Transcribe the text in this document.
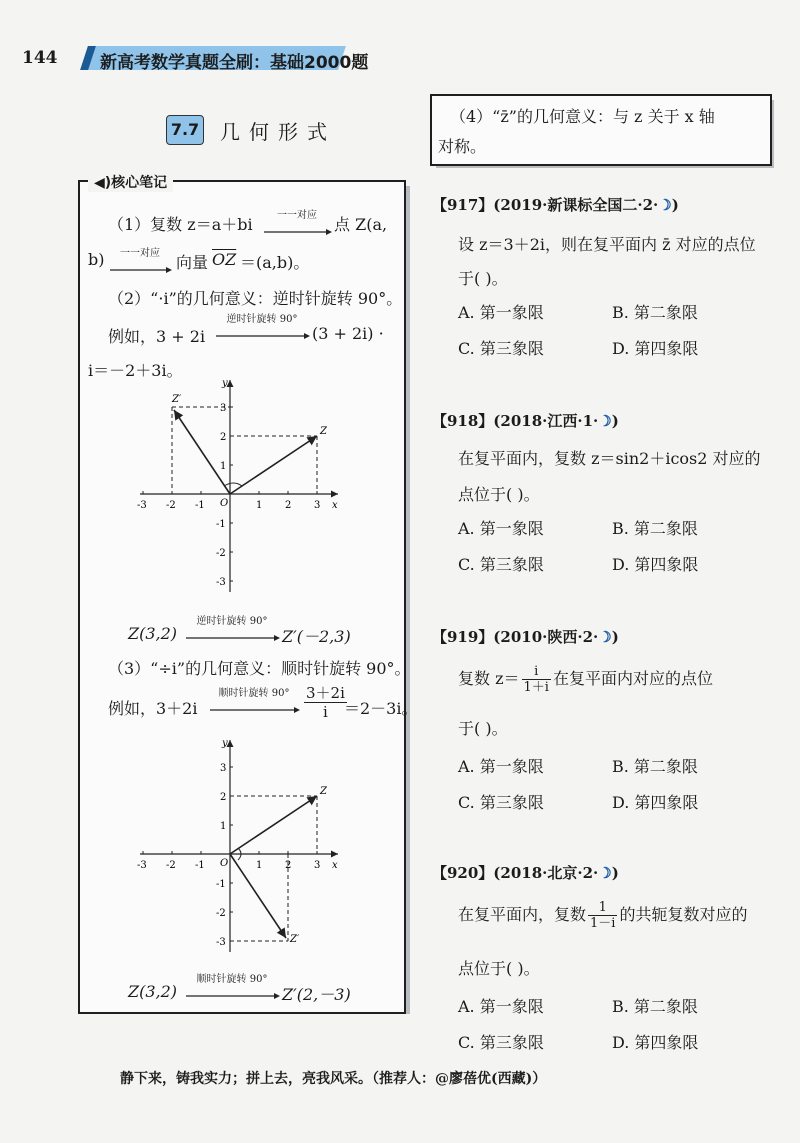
144	新高考数学真题全刷：基础2000题
7.7 几何形式
◀)核心笔记
（1）复数 z＝a＋bi	一一对应	点 Z(a,
b)	一一对应	向量 $\overline{OZ} =(a,b)$。
（2）“·i”的几何意义：逆时针旋转 90°。
例如，3 + 2i
逆时针旋转 90°
(3 + 2i) ·
i＝－2＋3i。
-3 -2 -1	1 2 3
3
2
1
-1
-2
-3
x
y
O
Z
Z′
Z(3,2)
逆时针旋转 90°
Z′(－2,3)
（3）“÷i”的几何意义：顺时针旋转 90°。
例如，3＋2i
顺时针旋转 $90^\circ \frac{3+2i}{i}$
＝2－3i。
-3 -2 -1	1 2 3
3
2
1
-1
-2
-3
x
y
O
Z
Z′
Z(3,2)
顺时针旋转 90°
Z′(2,－3)
（4）“z̄”的几何意义：与 z 关于 x 轴
对称。
【917】(2019·新课标全国二·2·☽)
设 z＝3＋2i，则在复平面内 z̄ 对应的点位
于( )。
A. 第一象限	B. 第二象限
C. 第三象限	D. 第四象限
【918】(2018·江西·1·☽)
在复平面内，复数 z＝sin2＋icos2 对应的
点位于( )。
A. 第一象限	B. 第二象限
C. 第三象限	D. 第四象限
【919】(2010·陕西·2·☽)
复数 $z= \frac{i}{1+i}$ 在复平面内对应的点位
于( )。
A. 第一象限	B. 第二象限
C. 第三象限	D. 第四象限
【920】(2018·北京·2·☽)
在复平面内，复数 $\frac{1}{1-i}$ 的共轭复数对应的
点位于( )。
A. 第一象限	B. 第二象限
C. 第三象限	D. 第四象限
静下来，铸我实力；拼上去，亮我风采。（推荐人：@廖蓓优(西藏)）
